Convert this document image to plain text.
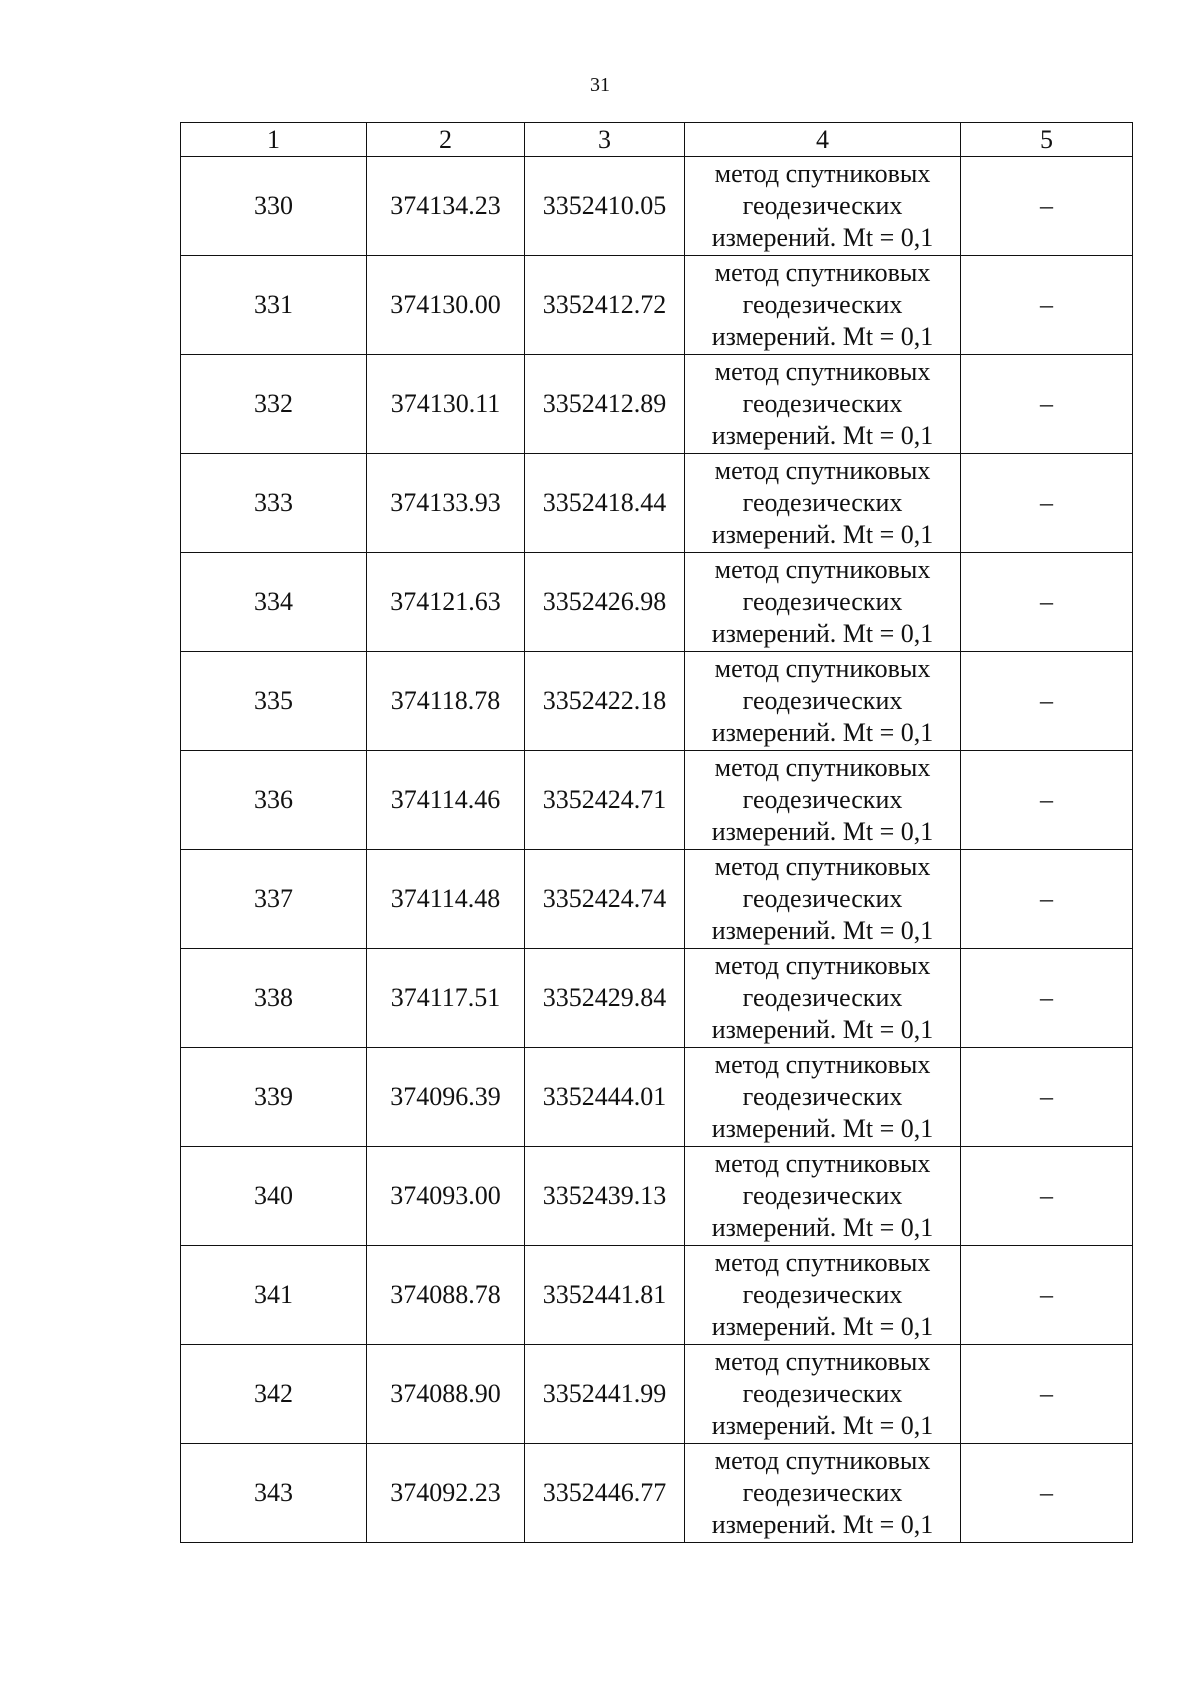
31
1	2	3	4	5
330	374134.23	3352410.05	метод спутниковых
геодезических
измерений. Mt = 0,1	–
331	374130.00	3352412.72	метод спутниковых
геодезических
измерений. Mt = 0,1	–
332	374130.11	3352412.89	метод спутниковых
геодезических
измерений. Mt = 0,1	–
333	374133.93	3352418.44	метод спутниковых
геодезических
измерений. Mt = 0,1	–
334	374121.63	3352426.98	метод спутниковых
геодезических
измерений. Mt = 0,1	–
335	374118.78	3352422.18	метод спутниковых
геодезических
измерений. Mt = 0,1	–
336	374114.46	3352424.71	метод спутниковых
геодезических
измерений. Mt = 0,1	–
337	374114.48	3352424.74	метод спутниковых
геодезических
измерений. Mt = 0,1	–
338	374117.51	3352429.84	метод спутниковых
геодезических
измерений. Mt = 0,1	–
339	374096.39	3352444.01	метод спутниковых
геодезических
измерений. Mt = 0,1	–
340	374093.00	3352439.13	метод спутниковых
геодезических
измерений. Mt = 0,1	–
341	374088.78	3352441.81	метод спутниковых
геодезических
измерений. Mt = 0,1	–
342	374088.90	3352441.99	метод спутниковых
геодезических
измерений. Mt = 0,1	–
343	374092.23	3352446.77	метод спутниковых
геодезических
измерений. Mt = 0,1	–
